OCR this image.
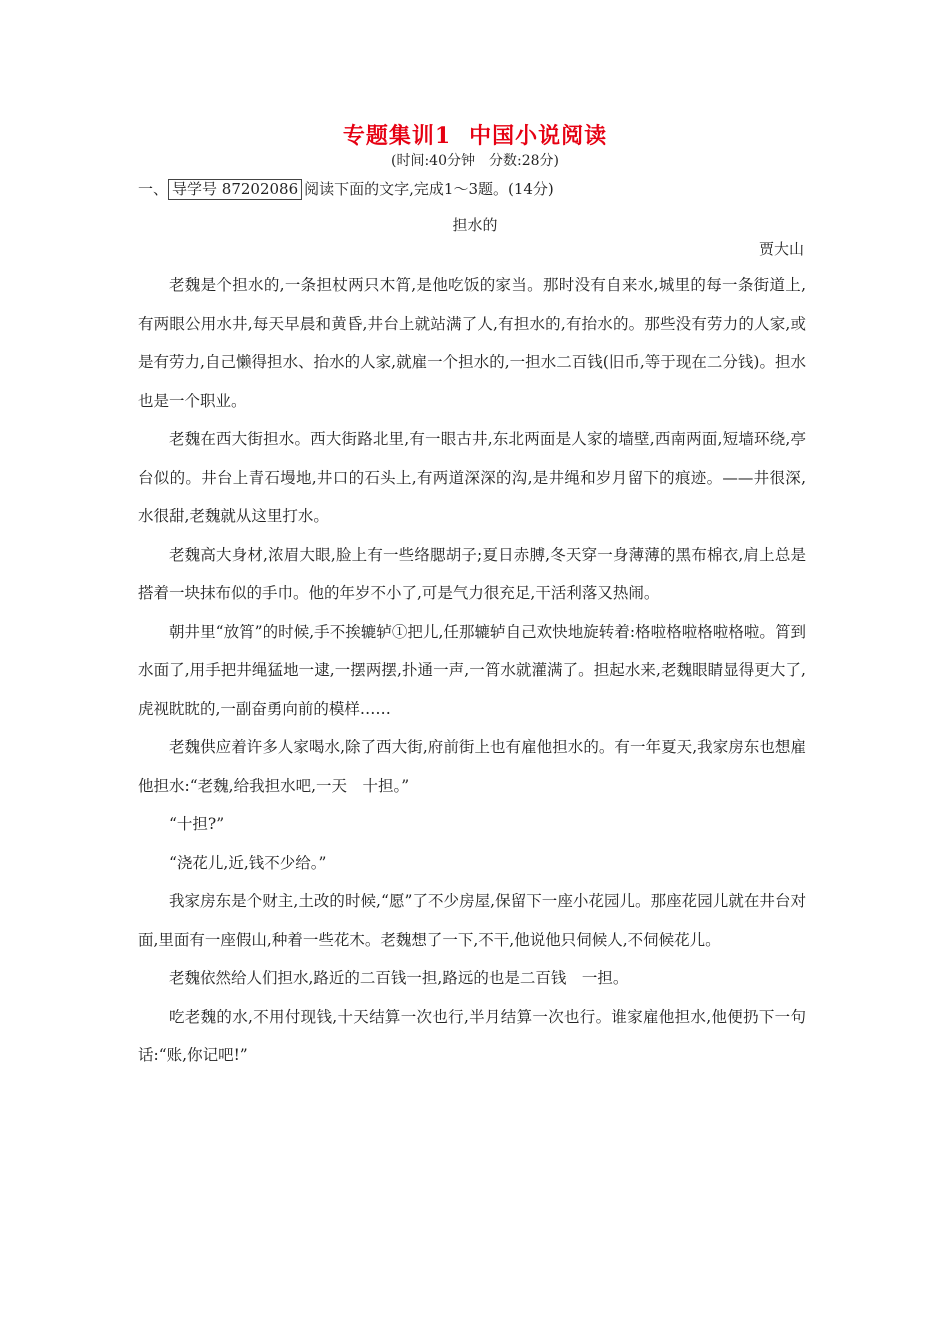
专题集训1 中国小说阅读
(时间:40分钟　分数:28分)
一、 导学号 87202086 阅读下面的文字,完成1～3题。(14分)
担水的
贾大山

老魏是个担水的,一条担杖两只木筲,是他吃饭的家当。那时没有自来水,城里的每一条街道上,有两眼公用水井,每天早晨和黄昏,井台上就站满了人,有担水的,有抬水的。那些没有劳力的人家,或是有劳力,自己懒得担水、抬水的人家,就雇一个担水的,一担水二百钱(旧币,等于现在二分钱)。担水也是一个职业。

老魏在西大街担水。西大街路北里,有一眼古井,东北两面是人家的墙壁,西南两面,短墙环绕,亭台似的。井台上青石墁地,井口的石头上,有两道深深的沟,是井绳和岁月留下的痕迹。——井很深,水很甜,老魏就从这里打水。

老魏高大身材,浓眉大眼,脸上有一些络腮胡子;夏日赤膊,冬天穿一身薄薄的黑布棉衣,肩上总是搭着一块抹布似的手巾。他的年岁不小了,可是气力很充足,干活利落又热闹。

朝井里“放筲”的时候,手不挨辘轳①把儿,任那辘轳自己欢快地旋转着:格啦格啦格啦格啦。筲到水面了,用手把井绳猛地一逮,一摆两摆,扑通一声,一筲水就灌满了。担起水来,老魏眼睛显得更大了,虎视眈眈的,一副奋勇向前的模样……

老魏供应着许多人家喝水,除了西大街,府前街上也有雇他担水的。有一年夏天,我家房东也想雇他担水:“老魏,给我担水吧,一天　十担。”

“十担?”

“浇花儿,近,钱不少给。”

我家房东是个财主,土改的时候,“愿”了不少房屋,保留下一座小花园儿。那座花园儿就在井台对面,里面有一座假山,种着一些花木。老魏想了一下,不干,他说他只伺候人,不伺候花儿。

老魏依然给人们担水,路近的二百钱一担,路远的也是二百钱　一担。

吃老魏的水,不用付现钱,十天结算一次也行,半月结算一次也行。谁家雇他担水,他便扔下一句话:“账,你记吧!”
